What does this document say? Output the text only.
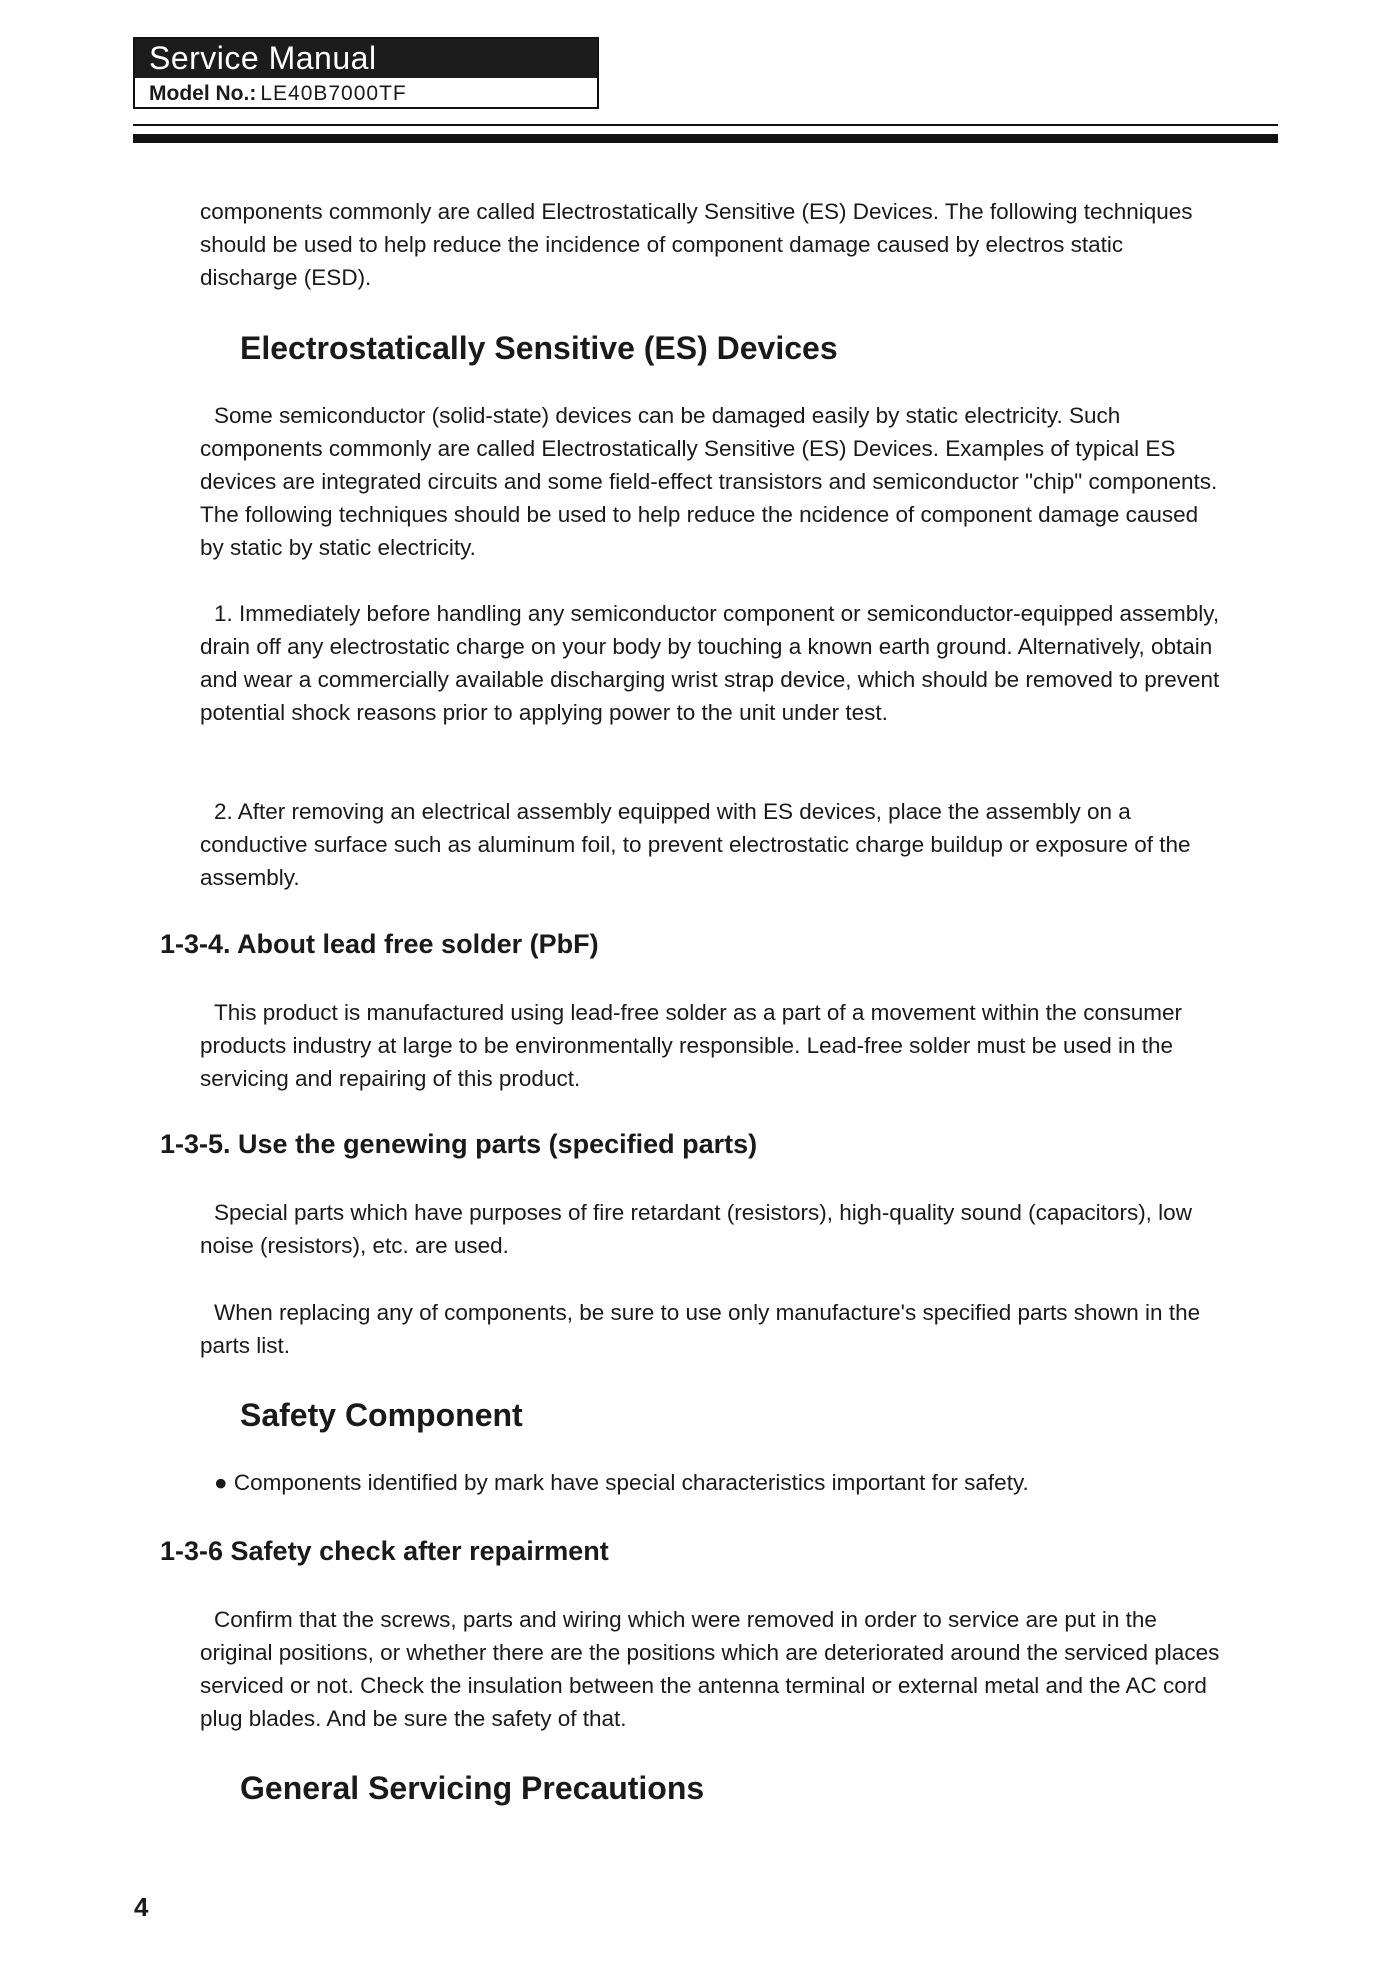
Service Manual
Model No.: LE40B7000TF

components commonly are called Electrostatically Sensitive (ES) Devices. The following techniques should be used to help reduce the incidence of component damage caused by electros static discharge (ESD).

Electrostatically Sensitive (ES) Devices

Some semiconductor (solid-state) devices can be damaged easily by static electricity. Such components commonly are called Electrostatically Sensitive (ES) Devices. Examples of typical ES devices are integrated circuits and some field-effect transistors and semiconductor "chip" components. The following techniques should be used to help reduce the ncidence of component damage caused by static by static electricity.

1. Immediately before handling any semiconductor component or semiconductor-equipped assembly, drain off any electrostatic charge on your body by touching a known earth ground. Alternatively, obtain and wear a commercially available discharging wrist strap device, which should be removed to prevent potential shock reasons prior to applying power to the unit under test.

2. After removing an electrical assembly equipped with ES devices, place the assembly on a conductive surface such as aluminum foil, to prevent electrostatic charge buildup or exposure of the assembly.

1-3-4. About lead free solder (PbF)

This product is manufactured using lead-free solder as a part of a movement within the consumer products industry at large to be environmentally responsible. Lead-free solder must be used in the servicing and repairing of this product.

1-3-5. Use the genewing parts (specified parts)

Special parts which have purposes of fire retardant (resistors), high-quality sound (capacitors), low noise (resistors), etc. are used.

When replacing any of components, be sure to use only manufacture's specified parts shown in the parts list.

Safety Component
● Components identified by mark have special characteristics important for safety.
1-3-6 Safety check after repairment

Confirm that the screws, parts and wiring which were removed in order to service are put in the original positions, or whether there are the positions which are deteriorated around the serviced places serviced or not. Check the insulation between the antenna terminal or external metal and the AC cord plug blades. And be sure the safety of that.

General Servicing Precautions
4
